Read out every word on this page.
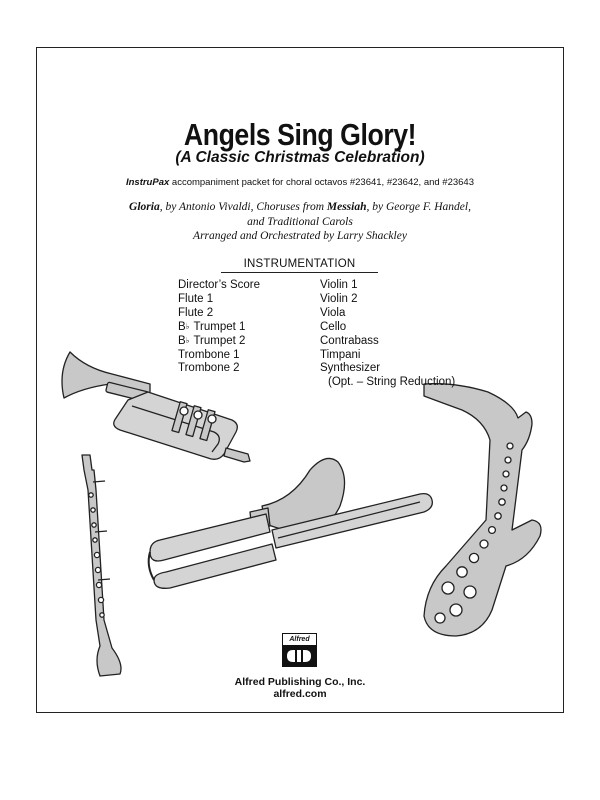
Angels Sing Glory!
(A Classic Christmas Celebration)
InstruPax accompaniment packet for choral octavos #23641, #23642, and #23643
Gloria, by Antonio Vivaldi, Choruses from Messiah, by George F. Handel,
and Traditional Carols
Arranged and Orchestrated by Larry Shackley
INSTRUMENTATION
Director’s Score
Flute 1
Flute 2
B♭ Trumpet 1
B♭ Trumpet 2
Trombone 1
Trombone 2
Violin 1
Violin 2
Viola
Cello
Contrabass
Timpani
Synthesizer
(Opt. – String Reduction)
Alfred
Alfred Publishing Co., Inc.
alfred.com
